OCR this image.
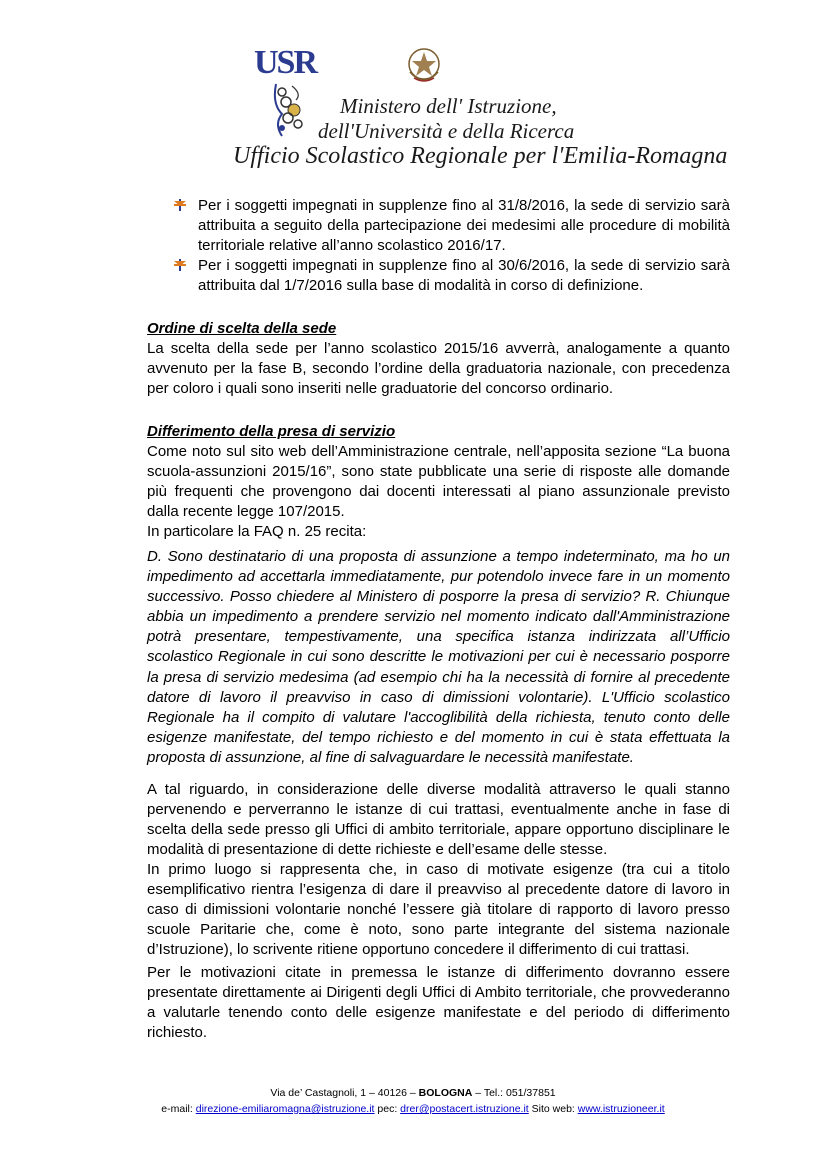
USR
Ministero dell' Istruzione,
dell'Università e della Ricerca
Ufficio Scolastico Regionale per l'Emilia-Romagna
Per i soggetti impegnati in supplenze fino al 31/8/2016, la sede di servizio sarà attribuita a seguito della partecipazione dei medesimi alle procedure di mobilità territoriale relative all’anno scolastico 2016/17.
Per i soggetti impegnati in supplenze fino al 30/6/2016, la sede di servizio sarà attribuita dal 1/7/2016 sulla base di modalità in corso di definizione.

Ordine di scelta della sede

La scelta della sede per l’anno scolastico 2015/16 avverrà, analogamente a quanto avvenuto per la fase B, secondo l’ordine della graduatoria nazionale, con precedenza per coloro i quali sono inseriti nelle graduatorie del concorso ordinario.

Differimento della presa di servizio

Come noto sul sito web dell’Amministrazione centrale, nell’apposita sezione “La buona scuola-assunzioni 2015/16”, sono state pubblicate una serie di risposte alle domande più frequenti che provengono dai docenti interessati al piano assunzionale previsto dalla recente legge 107/2015.

In particolare la FAQ n. 25 recita:

D. Sono destinatario di una proposta di assunzione a tempo indeterminato, ma ho un impedimento ad accettarla immediatamente, pur potendolo invece fare in un momento successivo. Posso chiedere al Ministero di posporre la presa di servizio? R. Chiunque abbia un impedimento a prendere servizio nel momento indicato dall'Amministrazione potrà presentare, tempestivamente, una specifica istanza indirizzata all’Ufficio scolastico Regionale in cui sono descritte le motivazioni per cui è necessario posporre la presa di servizio medesima (ad esempio chi ha la necessità di fornire al precedente datore di lavoro il preavviso in caso di dimissioni volontarie). L'Ufficio scolastico Regionale ha il compito di valutare l'accoglibilità della richiesta, tenuto conto delle esigenze manifestate, del tempo richiesto e del momento in cui è stata effettuata la proposta di assunzione, al fine di salvaguardare le necessità manifestate.

A tal riguardo, in considerazione delle diverse modalità attraverso le quali stanno pervenendo e perverranno le istanze di cui trattasi, eventualmente anche in fase di scelta della sede presso gli Uffici di ambito territoriale, appare opportuno disciplinare le modalità di presentazione di dette richieste e dell’esame delle stesse.

In primo luogo si rappresenta che, in caso di motivate esigenze (tra cui a titolo esemplificativo rientra l’esigenza di dare il preavviso al precedente datore di lavoro in caso di dimissioni volontarie nonché l’essere già titolare di rapporto di lavoro presso scuole Paritarie che, come è noto, sono parte integrante del sistema nazionale d’Istruzione), lo scrivente ritiene opportuno concedere il differimento di cui trattasi.

Per le motivazioni citate in premessa le istanze di differimento dovranno essere presentate direttamente ai Dirigenti degli Uffici di Ambito territoriale, che provvederanno a valutarle tenendo conto delle esigenze manifestate e del periodo di differimento richiesto.

Via de’ Castagnoli, 1 – 40126 – BOLOGNA – Tel.: 051/37851
e-mail: direzione-emiliaromagna@istruzione.it pec: drer@postacert.istruzione.it Sito web: www.istruzioneer.it
